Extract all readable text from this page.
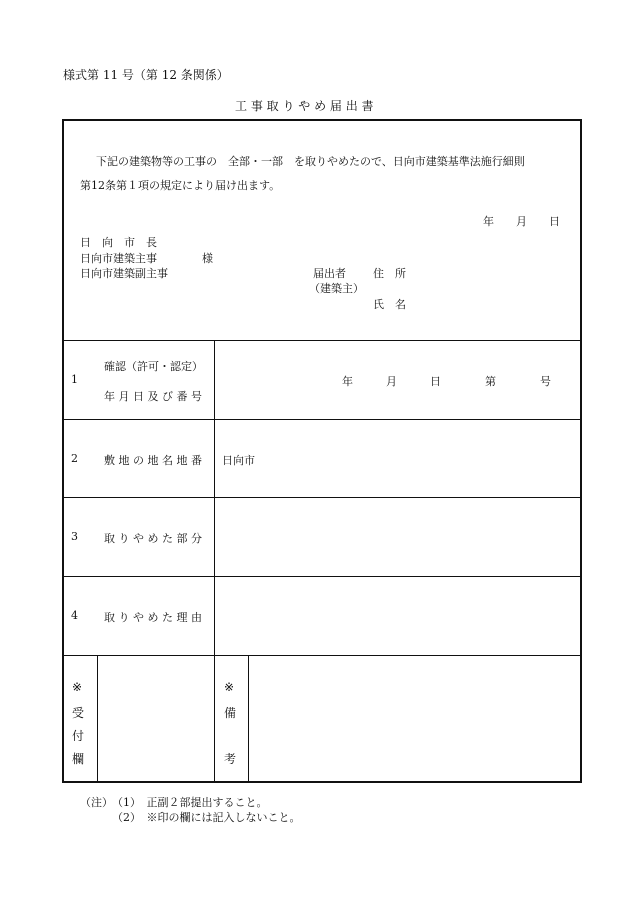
様式第 11 号（第 12 条関係）
工 事 取 り や め 届 出 書
下記の建築物等の工事の　全部・一部　を取りやめたので、日向市建築基準法施行細則
第12条第１項の規定により届け出ます。
年　　月　　日
日　向　市　長
日向市建築主事	様
日向市建築副主事	届出者 住　所
（建築主）
氏　名
1
確認（許可・認定）
年 月 日 及 び 番 号
年　　　月　　　日　　　　第　　　　号
2 敷 地 の 地 名 地 番 日向市
3 取 り や め た 部 分
4 取 り や め た 理 由
※
受
付
欄
※
備
考
（注） （1）　正副２部提出すること。
（2）　※印の欄には記入しないこと。
